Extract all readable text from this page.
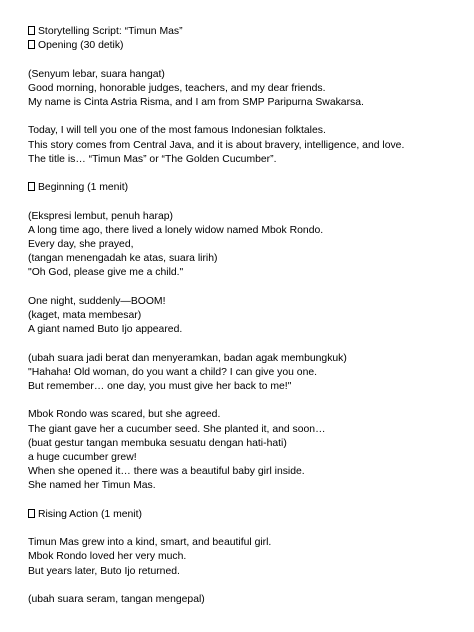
Storytelling Script: “Timun Mas”
Opening (30 detik)
(Senyum lebar, suara hangat)
Good morning, honorable judges, teachers, and my dear friends.
My name is Cinta Astria Risma, and I am from SMP Paripurna Swakarsa.
Today, I will tell you one of the most famous Indonesian folktales.
This story comes from Central Java, and it is about bravery, intelligence, and love.
The title is… “Timun Mas” or “The Golden Cucumber”.
Beginning (1 menit)
(Ekspresi lembut, penuh harap)
A long time ago, there lived a lonely widow named Mbok Rondo.
Every day, she prayed,
(tangan menengadah ke atas, suara lirih)
"Oh God, please give me a child."
One night, suddenly—BOOM!
(kaget, mata membesar)
A giant named Buto Ijo appeared.
(ubah suara jadi berat dan menyeramkan, badan agak membungkuk)
"Hahaha! Old woman, do you want a child? I can give you one.
But remember… one day, you must give her back to me!"
Mbok Rondo was scared, but she agreed.
The giant gave her a cucumber seed. She planted it, and soon…
(buat gestur tangan membuka sesuatu dengan hati-hati)
a huge cucumber grew!
When she opened it… there was a beautiful baby girl inside.
She named her Timun Mas.
Rising Action (1 menit)
Timun Mas grew into a kind, smart, and beautiful girl.
Mbok Rondo loved her very much.
But years later, Buto Ijo returned.
(ubah suara seram, tangan mengepal)
